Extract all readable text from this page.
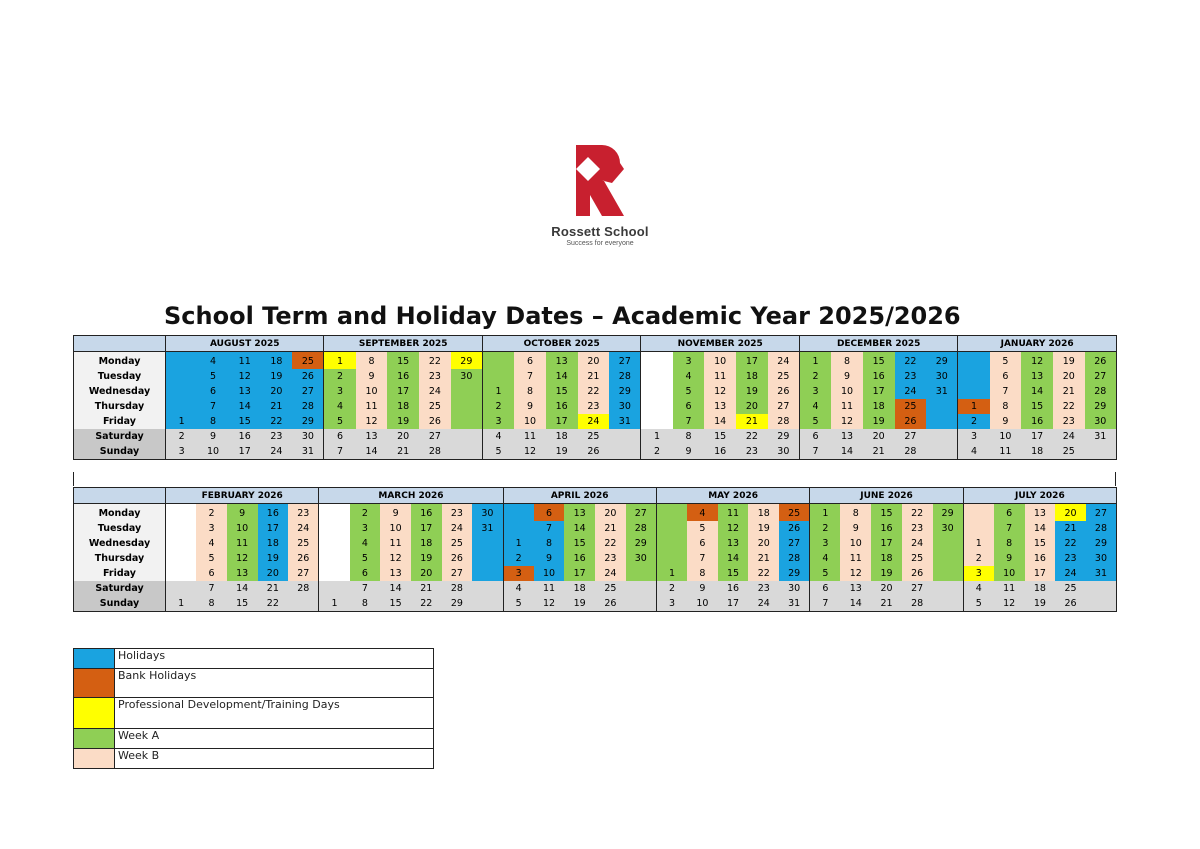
Rossett School
Success for everyone
School Term and Holiday Dates – Academic Year 2025/2026
	AUGUST 2025					SEPTEMBER 2025					OCTOBER 2025					NOVEMBER 2025					DECEMBER 2025					JANUARY 2026				
Monday		4	11	18	25	1	8	15	22	29		6	13	20	27		3	10	17	24	1	8	15	22	29		5	12	19	26
Tuesday		5	12	19	26	2	9	16	23	30		7	14	21	28		4	11	18	25	2	9	16	23	30		6	13	20	27
Wednesday		6	13	20	27	3	10	17	24		1	8	15	22	29		5	12	19	26	3	10	17	24	31		7	14	21	28
Thursday		7	14	21	28	4	11	18	25		2	9	16	23	30		6	13	20	27	4	11	18	25		1	8	15	22	29
Friday	1	8	15	22	29	5	12	19	26		3	10	17	24	31		7	14	21	28	5	12	19	26		2	9	16	23	30
Saturday	2	9	16	23	30	6	13	20	27		4	11	18	25		1	8	15	22	29	6	13	20	27		3	10	17	24	31
Sunday	3	10	17	24	31	7	14	21	28		5	12	19	26		2	9	16	23	30	7	14	21	28		4	11	18	25	
	FEBRUARY 2026					MARCH 2026						APRIL 2026					MAY 2026					JUNE 2026					JULY 2026				
Monday		2	9	16	23		2	9	16	23	30		6	13	20	27		4	11	18	25	1	8	15	22	29		6	13	20	27
Tuesday		3	10	17	24		3	10	17	24	31		7	14	21	28		5	12	19	26	2	9	16	23	30		7	14	21	28
Wednesday		4	11	18	25		4	11	18	25		1	8	15	22	29		6	13	20	27	3	10	17	24		1	8	15	22	29
Thursday		5	12	19	26		5	12	19	26		2	9	16	23	30		7	14	21	28	4	11	18	25		2	9	16	23	30
Friday		6	13	20	27		6	13	20	27		3	10	17	24		1	8	15	22	29	5	12	19	26		3	10	17	24	31
Saturday		7	14	21	28		7	14	21	28		4	11	18	25		2	9	16	23	30	6	13	20	27		4	11	18	25	
Sunday	1	8	15	22		1	8	15	22	29		5	12	19	26		3	10	17	24	31	7	14	21	28		5	12	19	26	
	Holidays
	Bank Holidays
	Professional Development/Training Days
	Week A
	Week B
